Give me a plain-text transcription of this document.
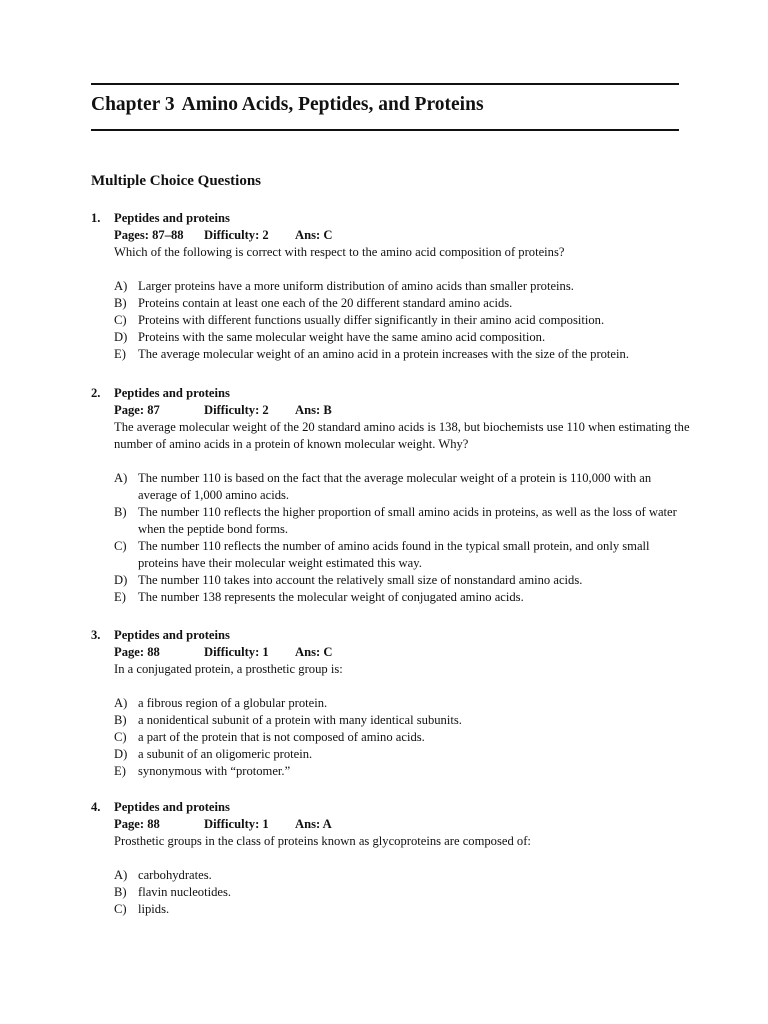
Chapter 3 Amino Acids, Peptides, and Proteins
Multiple Choice Questions
1. Peptides and proteins
Pages: 87–88 Difficulty: 2 Ans: C

Which of the following is correct with respect to the amino acid composition of proteins?

A) Larger proteins have a more uniform distribution of amino acids than smaller proteins.
B) Proteins contain at least one each of the 20 different standard amino acids.
C) Proteins with different functions usually differ significantly in their amino acid composition.
D) Proteins with the same molecular weight have the same amino acid composition.
E) The average molecular weight of an amino acid in a protein increases with the size of the protein.
2. Peptides and proteins
Page: 87	Difficulty: 2 Ans: B

The average molecular weight of the 20 standard amino acids is 138, but biochemists use 110 when estimating the number of amino acids in a protein of known molecular weight. Why?

A) The number 110 is based on the fact that the average molecular weight of a protein is 110,000 with an average of 1,000 amino acids.
B) The number 110 reflects the higher proportion of small amino acids in proteins, as well as the loss of water when the peptide bond forms.
C) The number 110 reflects the number of amino acids found in the typical small protein, and only small proteins have their molecular weight estimated this way.
D) The number 110 takes into account the relatively small size of nonstandard amino acids.
E) The number 138 represents the molecular weight of conjugated amino acids.
3. Peptides and proteins
Page: 88	Difficulty: 1 Ans: C

In a conjugated protein, a prosthetic group is:

A) a fibrous region of a globular protein.
B) a nonidentical subunit of a protein with many identical subunits.
C) a part of the protein that is not composed of amino acids.
D) a subunit of an oligomeric protein.
E) synonymous with “protomer.”
4. Peptides and proteins
Page: 88	Difficulty: 1 Ans: A

Prosthetic groups in the class of proteins known as glycoproteins are composed of:

A) carbohydrates.
B) flavin nucleotides.
C) lipids.
